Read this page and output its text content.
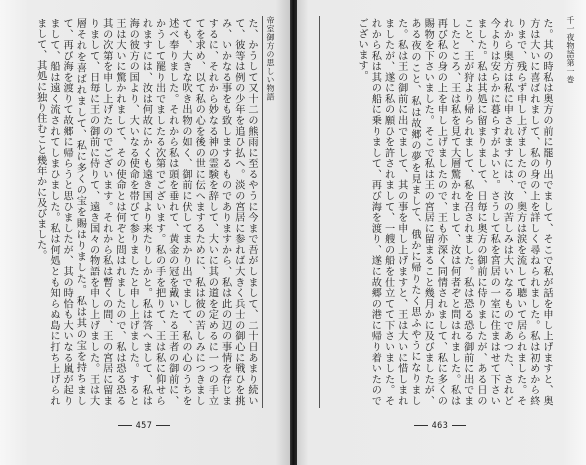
帝室御方の思しい物語
た、かうして又十二の熊雨に至るやうに今まで吾がしまして、二十日あまり続いて、彼等は例の少年を追ひ払へ。淡の宮居に参れば大きく兵士の御心に戦ひを挑み、いかなる事をも致しまするものでありますから、私は此の辺の事情を存じまするに、それから妙なる神の霊験を辞して、大いに其の道を定めるに一つの手立てを求め、以て私の心を後の世に伝へまするために、私は彼の苦しみにつきましても、大きな吹き出物の如く、御前に伏してまかり出でまして、私の心のうちを述べ奉りました。それから私は頭を垂れて、黄金の冠を戴いたる王者の御前に、かうして罷り出でましたる次第でございます。私の手を把りて、王は私に仰せられますには、汝は何故にかくも遠き国より来たりしかと。私は答へまして、私は海の彼方の国より、大いなる使命を帯びて参りましたと申し上げました。すると王は大いに驚かれまして、その使命とは何ぞと問はれましたので、私は恐る恐る其の次第を申し上げたのでございます。それから私は暫くの間、王の宮居に留まりまして、日毎に王の御前に侍りて、遠き国々の物語を申し上げました。王は大層それを喜ばれまして、私に多くの宝を賜はりました。私は其の宝を持ちまして、再び海を渡りて故郷に帰らうと思ひましたが、其の時恰も大いなる嵐が起りまして、船は遠く流されてしまひました。私は何処とも知らぬ島に打ち上げられまして、其処に独り住むこと幾年かに及びました。
457
千一夜物語第一巻
た。其の時私は奥方の前に罷り出でまして、そこで私が話を申し上げますと、奥方は大いに喜ばれまして、私の身の上を詳しく尋ねられました。私は初めから終りまで、残らず申し上げましたので、奥方は涙を流して聴いて居られました。それから奥方は私に申されますには、汝の苦しみは大いなるものであつた、されど今よりは安らかに暮らすがよいと。さうして私を宮居の一室に住まはせて下さいました。私は其処に留まりまして、日毎に奥方の御前に侍りましたが、ある日のこと、王が狩より帰られまして、私を召されました。私は恐る恐る御前に出でましたところ、王は私を見て大層驚かれまして、汝は何者ぞと問はれました。私は再び私の身の上を申し上げましたので、王も亦深く同情されまして、私に多くの賜物を下さいました。そこで私は王の宮居に留まること幾月かに及びましたが、ある夜のこと、私は故郷の夢を見まして、俄かに帰りたく思ふやうになりました。私は王の御前に出でまして、其の事を申し上げますと、王は大いに惜しまれましたが、遂に私の願ひを許されまして、一艘の船を仕立てて下さいました。それから私は其の船に乗りまして、再び海を渡り、遂に故郷の港に帰り着いたのでございます。
463
